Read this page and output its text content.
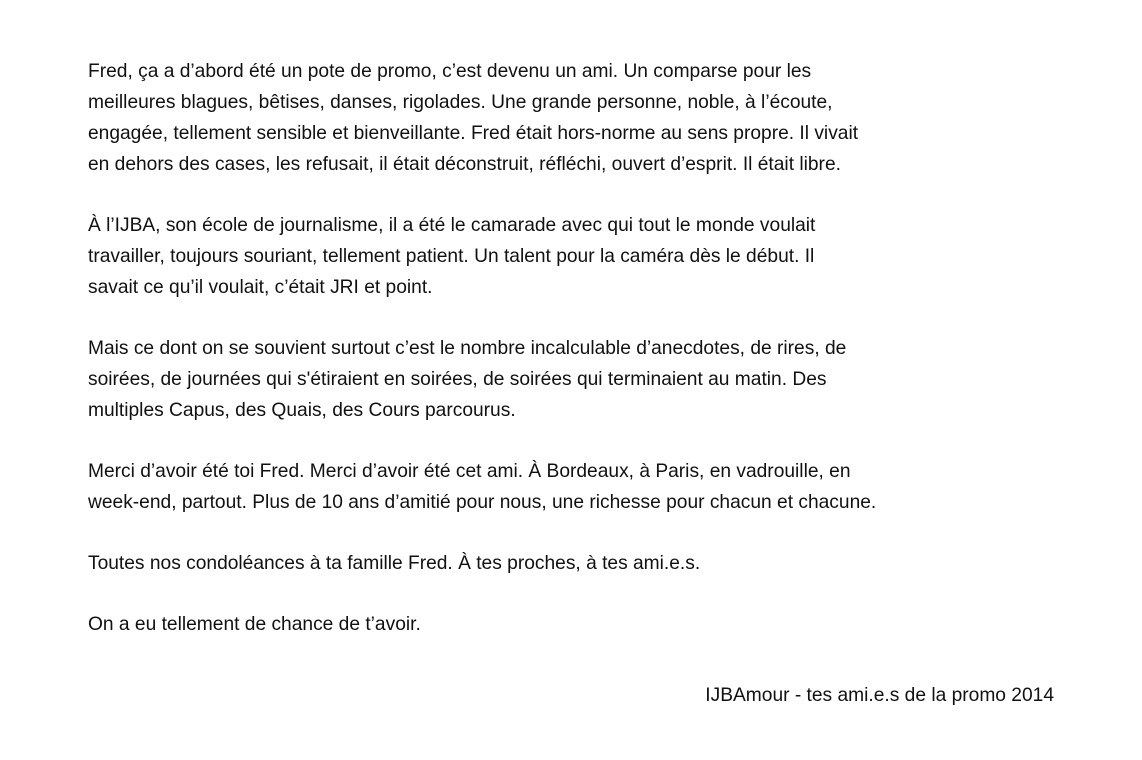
Fred, ça a d’abord été un pote de promo, c’est devenu un ami. Un comparse pour les
meilleures blagues, bêtises, danses, rigolades. Une grande personne, noble, à l’écoute,
engagée, tellement sensible et bienveillante. Fred était hors-norme au sens propre. Il vivait
en dehors des cases, les refusait, il était déconstruit, réfléchi, ouvert d’esprit. Il était libre.

À l’IJBA, son école de journalisme, il a été le camarade avec qui tout le monde voulait
travailler, toujours souriant, tellement patient. Un talent pour la caméra dès le début. Il
savait ce qu’il voulait, c’était JRI et point.

Mais ce dont on se souvient surtout c’est le nombre incalculable d’anecdotes, de rires, de
soirées, de journées qui s'étiraient en soirées, de soirées qui terminaient au matin. Des
multiples Capus, des Quais, des Cours parcourus.

Merci d’avoir été toi Fred. Merci d’avoir été cet ami. À Bordeaux, à Paris, en vadrouille, en
week-end, partout. Plus de 10 ans d’amitié pour nous, une richesse pour chacun et chacune.

Toutes nos condoléances à ta famille Fred. À tes proches, à tes ami.e.s.

On a eu tellement de chance de t’avoir.

IJBAmour - tes ami.e.s de la promo 2014
